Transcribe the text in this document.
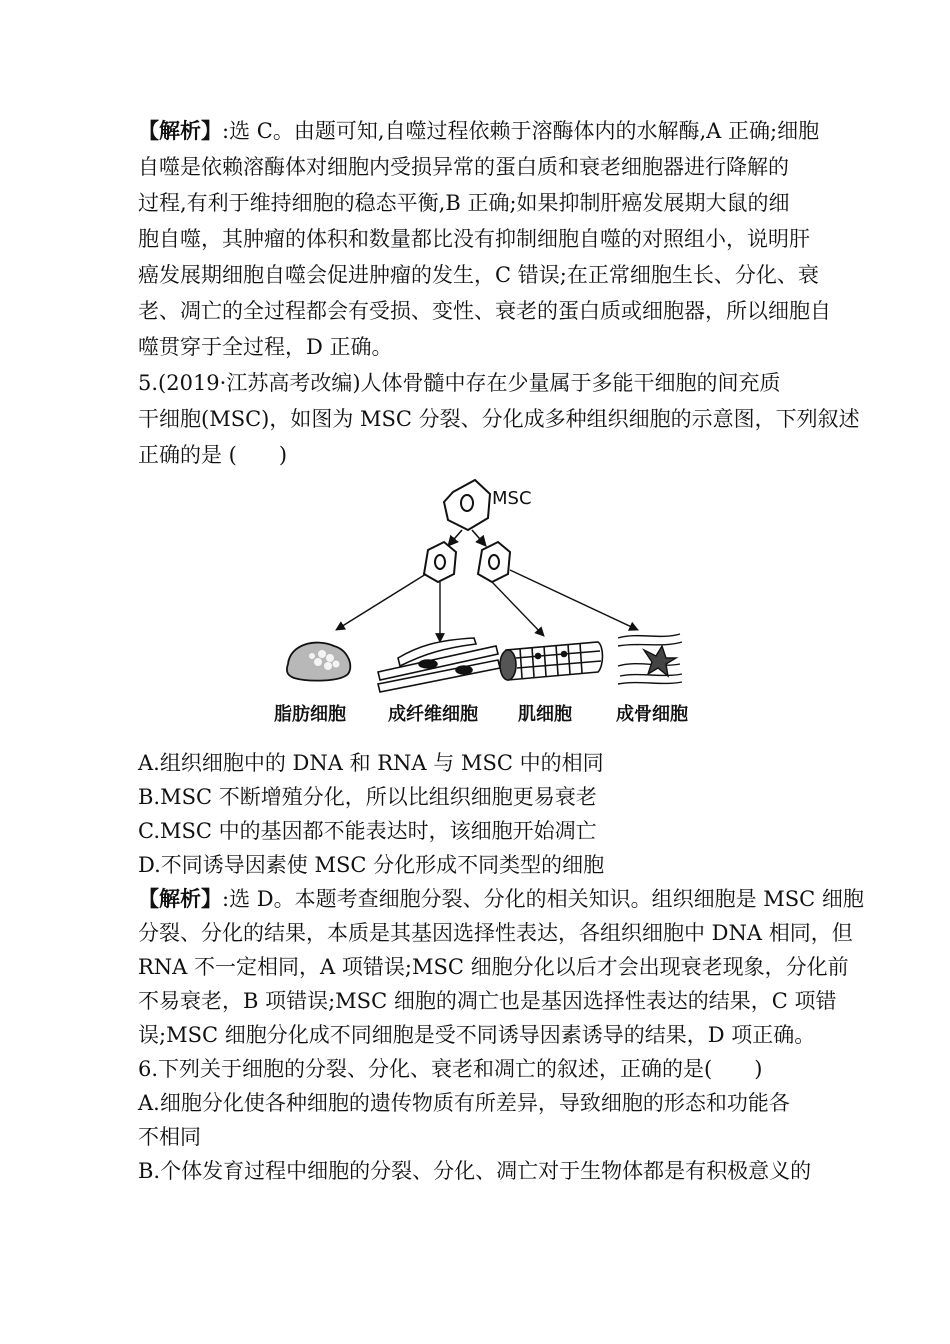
【解析】:选 C。由题可知,自噬过程依赖于溶酶体内的水解酶,A 正确;细胞
自噬是依赖溶酶体对细胞内受损异常的蛋白质和衰老细胞器进行降解的
过程,有利于维持细胞的稳态平衡,B 正确;如果抑制肝癌发展期大鼠的细
胞自噬，其肿瘤的体积和数量都比没有抑制细胞自噬的对照组小，说明肝
癌发展期细胞自噬会促进肿瘤的发生，C 错误;在正常细胞生长、分化、衰
老、凋亡的全过程都会有受损、变性、衰老的蛋白质或细胞器，所以细胞自
噬贯穿于全过程，D 正确。
5.(2019·江苏高考改编)人体骨髓中存在少量属于多能干细胞的间充质
干细胞(MSC)，如图为 MSC 分裂、分化成多种组织细胞的示意图，下列叙述
正确的是 (　　)
MSC
脂肪细胞 成纤维细胞 肌细胞 成骨细胞
A.组织细胞中的 DNA 和 RNA 与 MSC 中的相同
B.MSC 不断增殖分化，所以比组织细胞更易衰老
C.MSC 中的基因都不能表达时，该细胞开始凋亡
D.不同诱导因素使 MSC 分化形成不同类型的细胞
【解析】:选 D。本题考查细胞分裂、分化的相关知识。组织细胞是 MSC 细胞
分裂、分化的结果，本质是其基因选择性表达，各组织细胞中 DNA 相同，但
RNA 不一定相同，A 项错误;MSC 细胞分化以后才会出现衰老现象，分化前
不易衰老，B 项错误;MSC 细胞的凋亡也是基因选择性表达的结果，C 项错
误;MSC 细胞分化成不同细胞是受不同诱导因素诱导的结果，D 项正确。
6.下列关于细胞的分裂、分化、衰老和凋亡的叙述，正确的是(　　)
A.细胞分化使各种细胞的遗传物质有所差异，导致细胞的形态和功能各
不相同
B.个体发育过程中细胞的分裂、分化、凋亡对于生物体都是有积极意义的
